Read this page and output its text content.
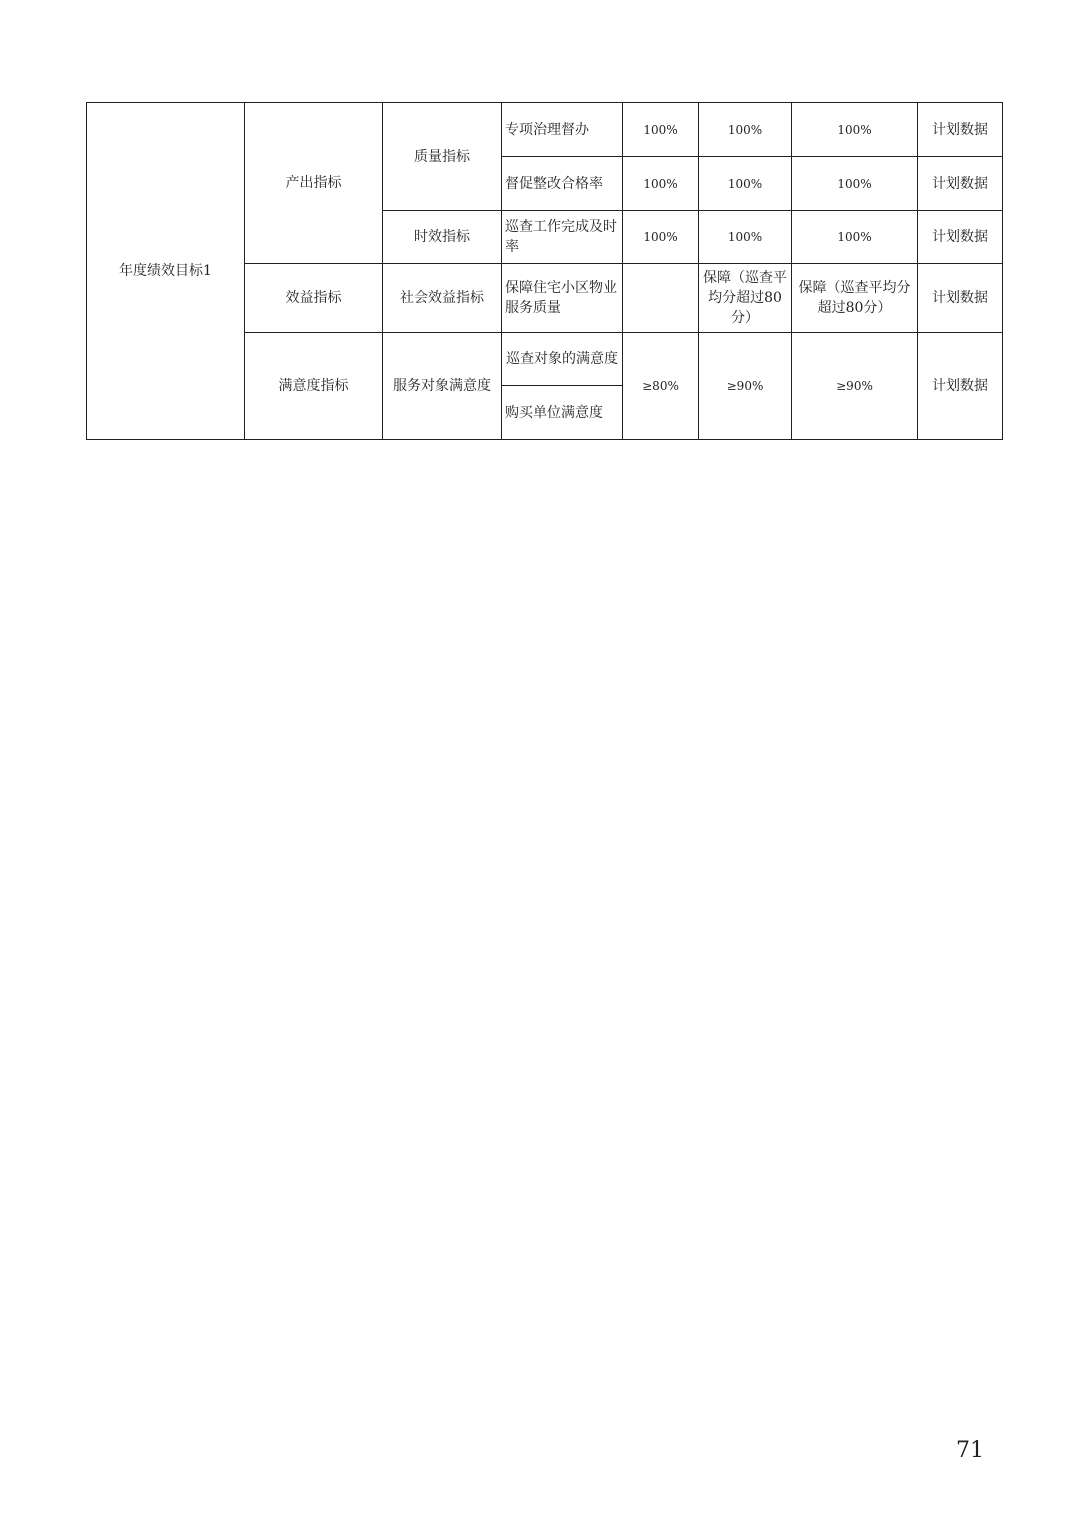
年度绩效目标1	产出指标	质量指标	专项治理督办	100%	100%	100%	计划数据
			督促整改合格率	100%	100%	100%	计划数据
		时效指标	巡查工作完成及时率	100%	100%	100%	计划数据
	效益指标	社会效益指标	保障住宅小区物业服务质量		保障（巡查平均分超过80分）	保障（巡查平均分超过80分）	计划数据
	满意度指标	服务对象满意度	巡查对象的满意度	≥80%	≥90%	≥90%	计划数据
			购买单位满意度				
71
